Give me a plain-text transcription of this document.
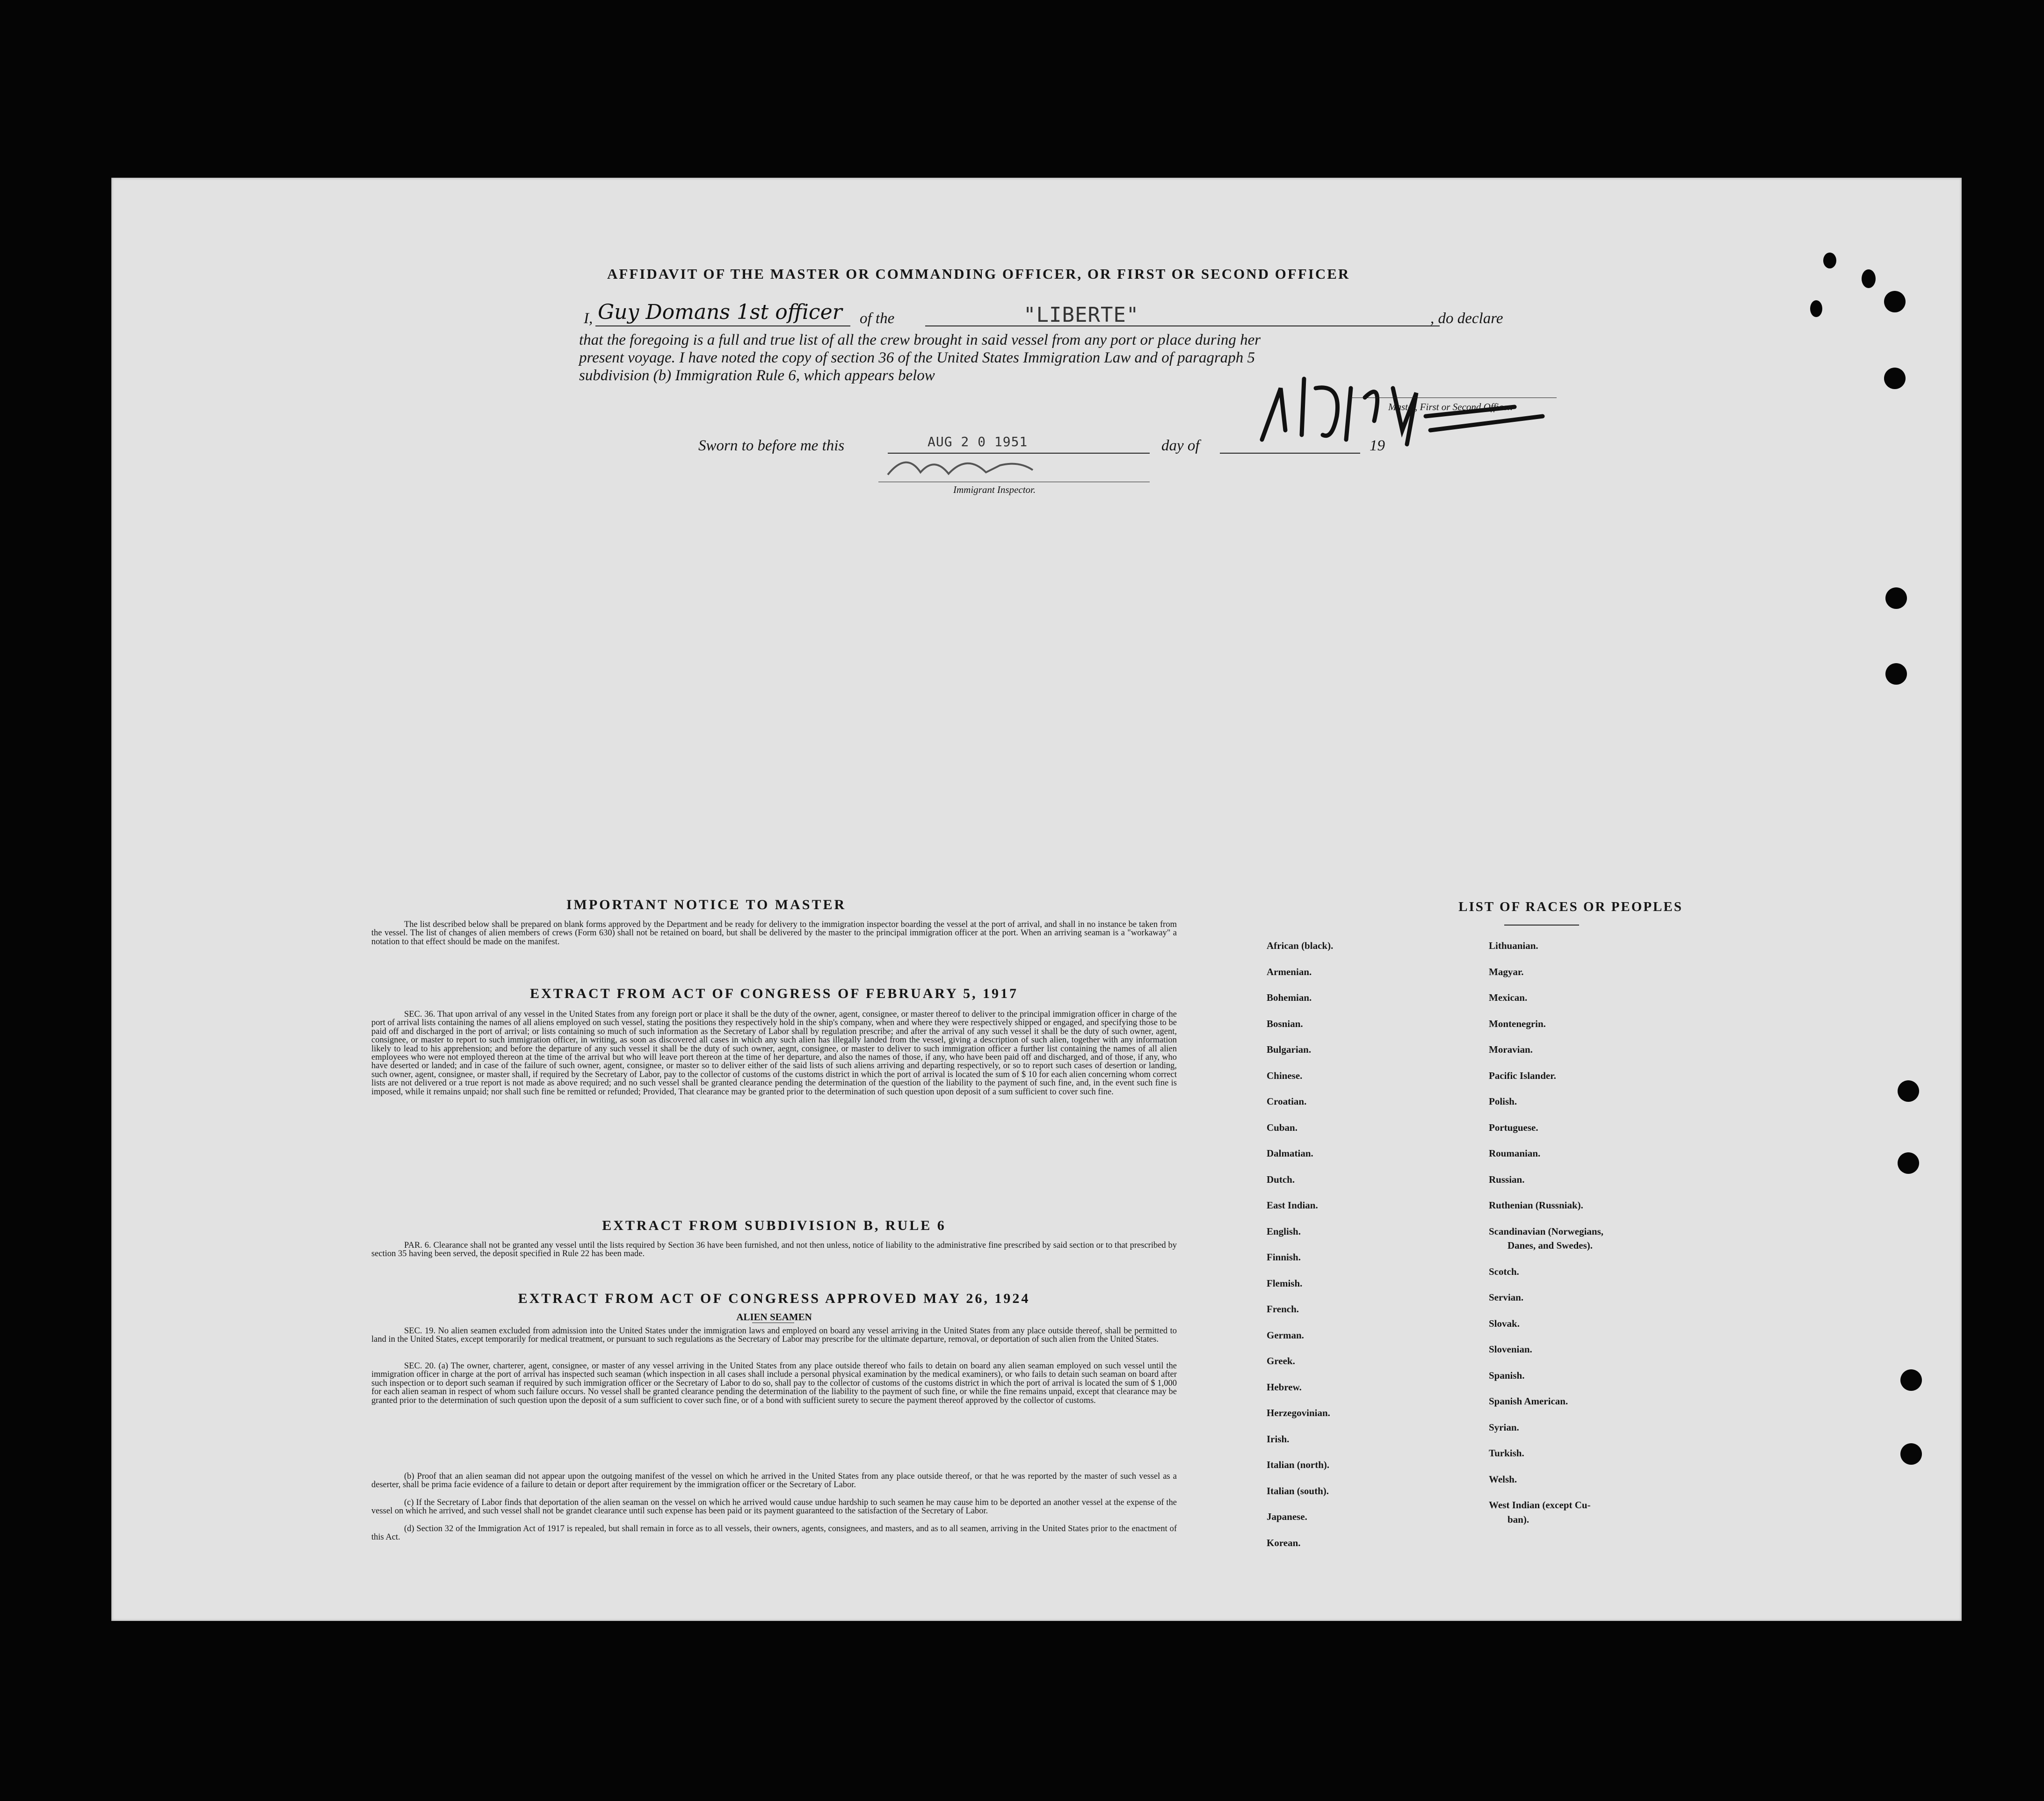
AFFIDAVIT OF THE MASTER OR COMMANDING OFFICER, OR FIRST OR SECOND OFFICER
I, Guy Domans 1st officer of the	"LIBERTE"	, do declare
that the foregoing is a full and true list of all the crew brought in said vessel from any port or place during her
present voyage. I have noted the copy of section 36 of the United States Immigration Law and of paragraph 5
subdivision (b) Immigration Rule 6, which appears below
Master, First or Second Officer.
Sworn to before me this	AUG 2 0 1951	day of	19
Immigrant Inspector.
IMPORTANT NOTICE TO MASTER
The list described below shall be prepared on blank forms approved by the Department and be ready for delivery to the immigration inspector boarding the vessel at the port of arrival, and shall in no instance be taken from the vessel. The list of changes of alien members of crews (Form 630) shall not be retained on board, but shall be delivered by the master to the principal immigration officer at the port. When an arriving seaman is a "workaway" a notation to that effect should be made on the manifest.
EXTRACT FROM ACT OF CONGRESS OF FEBRUARY 5, 1917
SEC. 36. That upon arrival of any vessel in the United States from any foreign port or place it shall be the duty of the owner, agent, consignee, or master thereof to deliver to the principal immigration officer in charge of the port of arrival lists containing the names of all aliens employed on such vessel, stating the positions they respectively hold in the ship's company, when and where they were respectively shipped or engaged, and specifying those to be paid off and discharged in the port of arrival; or lists containing so much of such information as the Secretary of Labor shall by regulation prescribe; and after the arrival of any such vessel it shall be the duty of such owner, agent, consignee, or master to report to such immigration officer, in writing, as soon as discovered all cases in which any such alien has illegally landed from the vessel, giving a description of such alien, together with any information likely to lead to his apprehension; and before the departure of any such vessel it shall be the duty of such owner, aegnt, consignee, or master to deliver to such immigration officer a further list containing the names of all alien employees who were not employed thereon at the time of the arrival but who will leave port thereon at the time of her departure, and also the names of those, if any, who have been paid off and discharged, and of those, if any, who have deserted or landed; and in case of the failure of such owner, agent, consignee, or master so to deliver either of the said lists of such aliens arriving and departing respectively, or so to report such cases of desertion or landing, such owner, agent, consignee, or master shall, if required by the Secretary of Labor, pay to the collector of customs of the customs district in which the port of arrival is located the sum of $ 10 for each alien concerning whom correct lists are not delivered or a true report is not made as above required; and no such vessel shall be granted clearance pending the determination of the question of the liability to the payment of such fine, and, in the event such fine is imposed, while it remains unpaid; nor shall such fine be remitted or refunded; Provided, That clearance may be granted prior to the determination of such question upon deposit of a sum sufficient to cover such fine.
EXTRACT FROM SUBDIVISION B, RULE 6
PAR. 6. Clearance shall not be granted any vessel until the lists required by Section 36 have been furnished, and not then unless, notice of liability to the administrative fine prescribed by said section or to that prescribed by section 35 having been served, the deposit specified in Rule 22 has been made.
EXTRACT FROM ACT OF CONGRESS APPROVED MAY 26, 1924
ALIEN SEAMEN
SEC. 19. No alien seamen excluded from admission into the United States under the immigration laws and employed on board any vessel arriving in the United States from any place outside thereof, shall be permitted to land in the United States, except temporarily for medical treatment, or pursuant to such regulations as the Secretary of Labor may prescribe for the ultimate departure, removal, or deportation of such alien from the United States.
SEC. 20. (a) The owner, charterer, agent, consignee, or master of any vessel arriving in the United States from any place outside thereof who fails to detain on board any alien seaman employed on such vessel until the immigration officer in charge at the port of arrival has inspected such seaman (which inspection in all cases shall include a personal physical examination by the medical examiners), or who fails to detain such seaman on board after such inspection or to deport such seaman if required by such immigration officer or the Secretary of Labor to do so, shall pay to the collector of customs of the customs district in which the port of arrival is located the sum of $ 1,000 for each alien seaman in respect of whom such failure occurs. No vessel shall be granted clearance pending the determination of the liability to the payment of such fine, or while the fine remains unpaid, except that clearance may be granted prior to the determination of such question upon the deposit of a sum sufficient to cover such fine, or of a bond with sufficient surety to secure the payment thereof approved by the collector of customs.
(b) Proof that an alien seaman did not appear upon the outgoing manifest of the vessel on which he arrived in the United States from any place outside thereof, or that he was reported by the master of such vessel as a deserter, shall be prima facie evidence of a failure to detain or deport after requirement by the immigration officer or the Secretary of Labor.
(c) If the Secretary of Labor finds that deportation of the alien seaman on the vessel on which he arrived would cause undue hardship to such seamen he may cause him to be deported an another vessel at the expense of the vessel on which he arrived, and such vessel shall not be grandet clearance until such expense has been paid or its payment guaranteed to the satisfaction of the Secretary of Labor.
(d) Section 32 of the Immigration Act of 1917 is repealed, but shall remain in force as to all vessels, their owners, agents, consignees, and masters, and as to all seamen, arriving in the United States prior to the enactment of this Act.
LIST OF RACES OR PEOPLES
African (black).
Armenian.
Bohemian.
Bosnian.
Bulgarian.
Chinese.
Croatian.
Cuban.
Dalmatian.
Dutch.
East Indian.
English.
Finnish.
Flemish.
French.
German.
Greek.
Hebrew.
Herzegovinian.
Irish.
Italian (north).
Italian (south).
Japanese.
Korean.
Lithuanian.
Magyar.
Mexican.
Montenegrin.
Moravian.
Pacific Islander.
Polish.
Portuguese.
Roumanian.
Russian.
Ruthenian (Russniak).
Scandinavian (Norwegians,
Danes, and Swedes).
Scotch.
Servian.
Slovak.
Slovenian.
Spanish.
Spanish American.
Syrian.
Turkish.
Welsh.
West Indian (except Cu-
ban).
